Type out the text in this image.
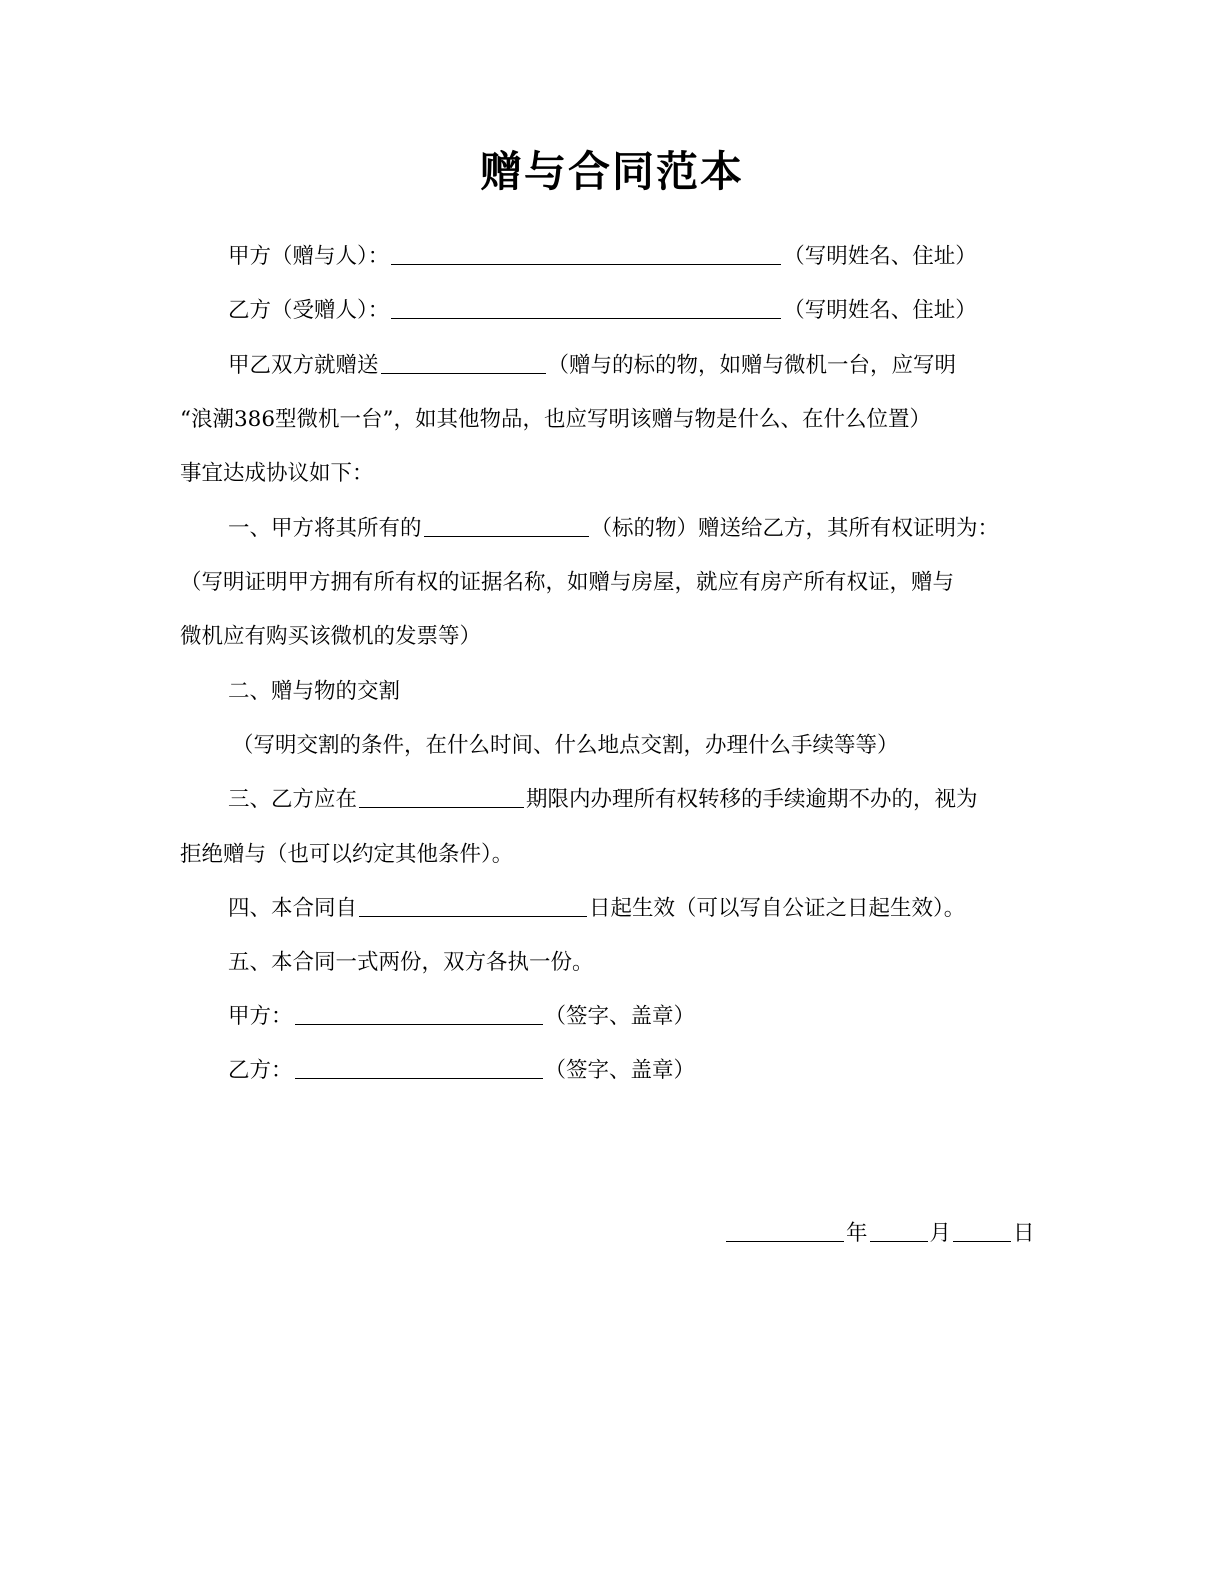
赠与合同范本
甲方（赠与人）：	（写明姓名、住址）
乙方（受赠人）：	（写明姓名、住址）
甲乙双方就赠送	（赠与的标的物，如赠与微机一台，应写明
“浪潮386型微机一台”，如其他物品，也应写明该赠与物是什么、在什么位置）
事宜达成协议如下：
一、甲方将其所有的	（标的物）赠送给乙方，其所有权证明为：
（写明证明甲方拥有所有权的证据名称，如赠与房屋，就应有房产所有权证，赠与
微机应有购买该微机的发票等）
二、赠与物的交割
（写明交割的条件，在什么时间、什么地点交割，办理什么手续等等）
三、乙方应在	期限内办理所有权转移的手续逾期不办的，视为
拒绝赠与（也可以约定其他条件）。
四、本合同自	日起生效（可以写自公证之日起生效）。
五、本合同一式两份，双方各执一份。
甲方：	（签字、盖章）
乙方：	（签字、盖章）
年	月	日
